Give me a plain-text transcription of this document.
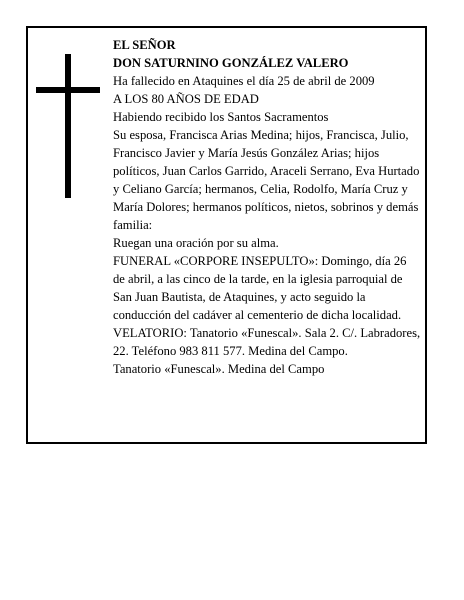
EL SEÑOR

DON SATURNINO GONZÁLEZ VALERO

Ha fallecido en Ataquines el día 25 de abril de 2009

A LOS 80 AÑOS DE EDAD

Habiendo recibido los Santos Sacramentos

Su esposa, Francisca Arias Medina; hijos, Francisca, Julio, Francisco Javier y María Jesús González Arias; hijos políticos, Juan Carlos Garrido, Araceli Serrano, Eva Hurtado y Celiano García; hermanos, Celia, Rodolfo, María Cruz y María Dolores; hermanos políticos, nietos, sobrinos y demás familia:

Ruegan una oración por su alma.

FUNERAL «CORPORE INSEPULTO»: Domingo, día 26 de abril, a las cinco de la tarde, en la iglesia parroquial de San Juan Bautista, de Ataquines, y acto seguido la conducción del cadáver al cementerio de dicha localidad.

VELATORIO: Tanatorio «Funescal». Sala 2. C/. Labradores, 22. Teléfono 983 811 577. Medina del Campo.

Tanatorio «Funescal». Medina del Campo
